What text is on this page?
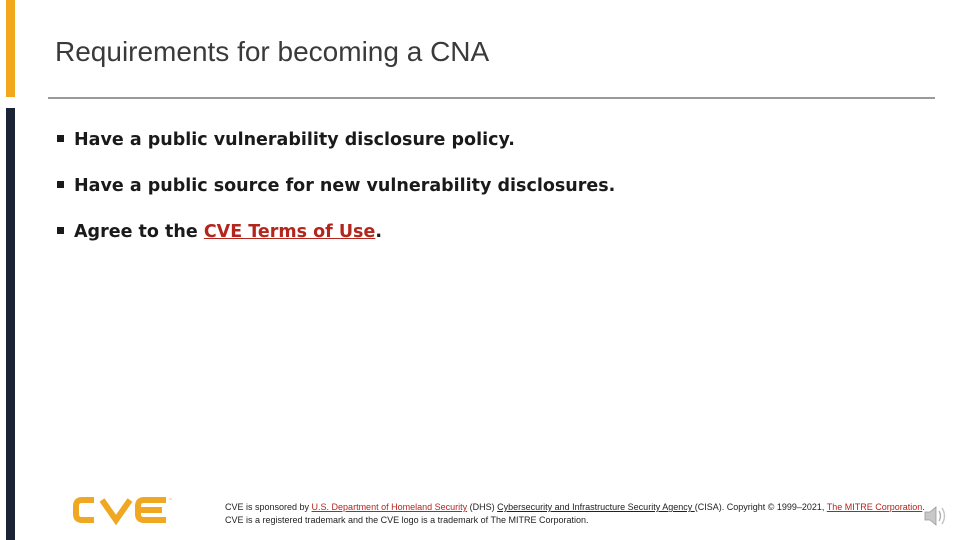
Requirements for becoming a CNA
Have a public vulnerability disclosure policy.
Have a public source for new vulnerability disclosures.
Agree to the CVE Terms of Use.
™
CVE is sponsored by U.S. Department of Homeland Security (DHS) Cybersecurity and Infrastructure Security Agency (CISA). Copyright © 1999–2021, The MITRE Corporation. CVE is a registered trademark and the CVE logo is a trademark of The MITRE Corporation.
